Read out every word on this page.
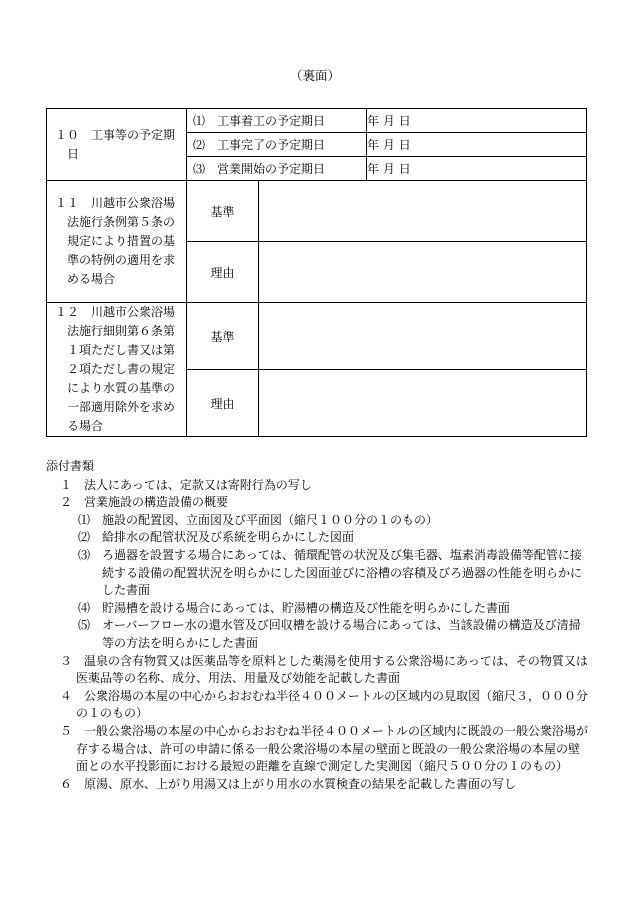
（裏面）
１０　工事等の予定期日	⑴　工事着工の予定期日		年 月 日
	⑵　工事完了の予定期日		年 月 日
	⑶　営業開始の予定期日		年 月 日

１１　川越市公衆浴場法施行条例第５条の規定により措置の基準の特例の適用を求める場合	基準		
	理由		

１２　川越市公衆浴場法施行細則第６条第１項ただし書又は第２項ただし書の規定により水質の基準の一部適用除外を求める場合	基準		
	理由		

添付書類

１　法人にあっては、定款又は寄附行為の写し

２　営業施設の構造設備の概要

⑴　施設の配置図、立面図及び平面図（縮尺１００分の１のもの）

⑵　給排水の配管状況及び系統を明らかにした図面

⑶　ろ過器を設置する場合にあっては、循環配管の状況及び集毛器、塩素消毒設備等配管に接続する設備の配置状況を明らかにした図面並びに浴槽の容積及びろ過器の性能を明らかにした書面

⑷　貯湯槽を設ける場合にあっては、貯湯槽の構造及び性能を明らかにした書面

⑸　オーバーフロー水の還水管及び回収槽を設ける場合にあっては、当該設備の構造及び清掃等の方法を明らかにした書面

３　温泉の含有物質又は医薬品等を原料とした薬湯を使用する公衆浴場にあっては、その物質又は医薬品等の名称、成分、用法、用量及び効能を記載した書面

４　公衆浴場の本屋の中心からおおむね半径４００メートルの区域内の見取図（縮尺３，０００分の１のもの）

５　一般公衆浴場の本屋の中心からおおむね半径４００メートルの区域内に既設の一般公衆浴場が存する場合は、許可の申請に係る一般公衆浴場の本屋の壁面と既設の一般公衆浴場の本屋の壁面との水平投影面における最短の距離を直線で測定した実測図（縮尺５００分の１のもの）

６　原湯、原水、上がり用湯又は上がり用水の水質検査の結果を記載した書面の写し
